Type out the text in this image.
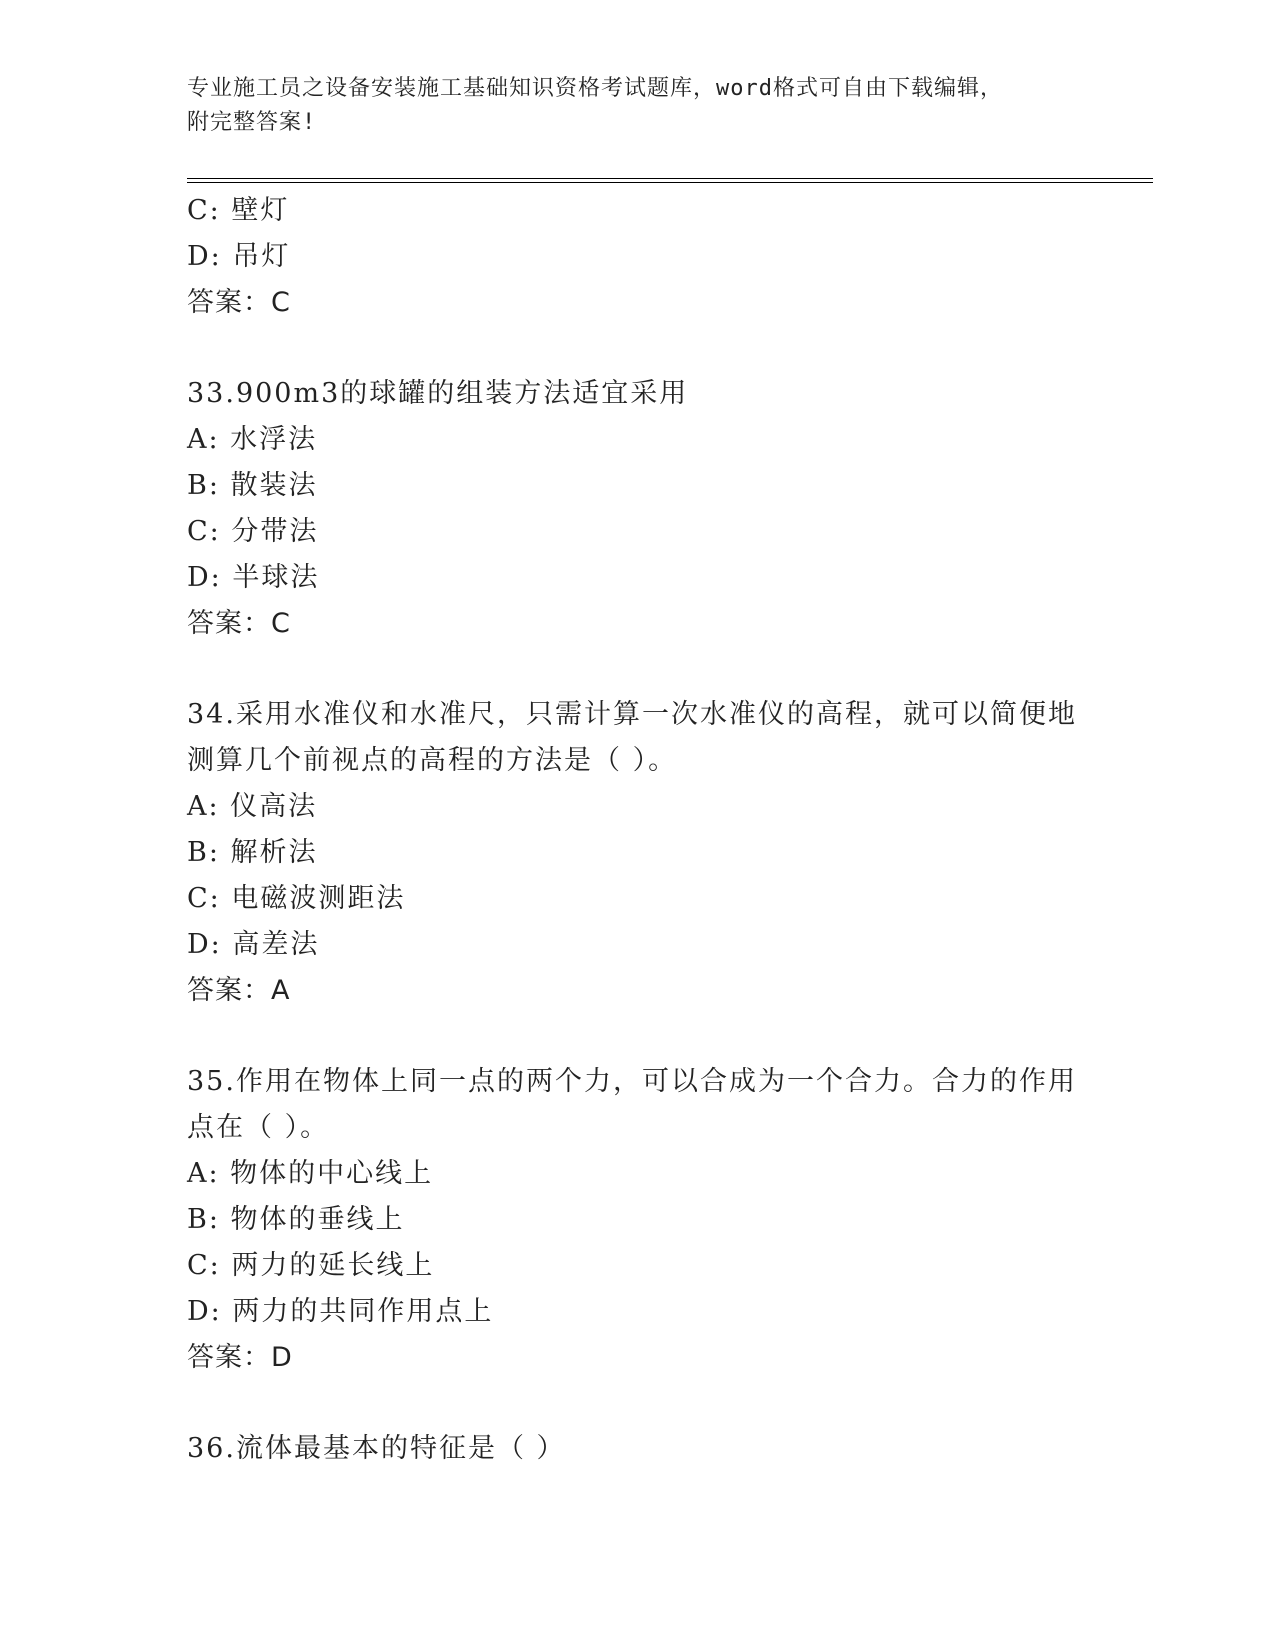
专业施工员之设备安装施工基础知识资格考试题库，word格式可自由下载编辑，
附完整答案!
C: 壁灯
D: 吊灯
答案：C
33.900m3的球罐的组装方法适宜采用
A: 水浮法
B: 散装法
C: 分带法
D: 半球法
答案：C
34.采用水准仪和水准尺，只需计算一次水准仪的高程，就可以简便地
测算几个前视点的高程的方法是（ ）。
A: 仪高法
B: 解析法
C: 电磁波测距法
D: 高差法
答案：A
35.作用在物体上同一点的两个力，可以合成为一个合力。合力的作用
点在（ ）。
A: 物体的中心线上
B: 物体的垂线上
C: 两力的延长线上
D: 两力的共同作用点上
答案：D
36.流体最基本的特征是（ ）
